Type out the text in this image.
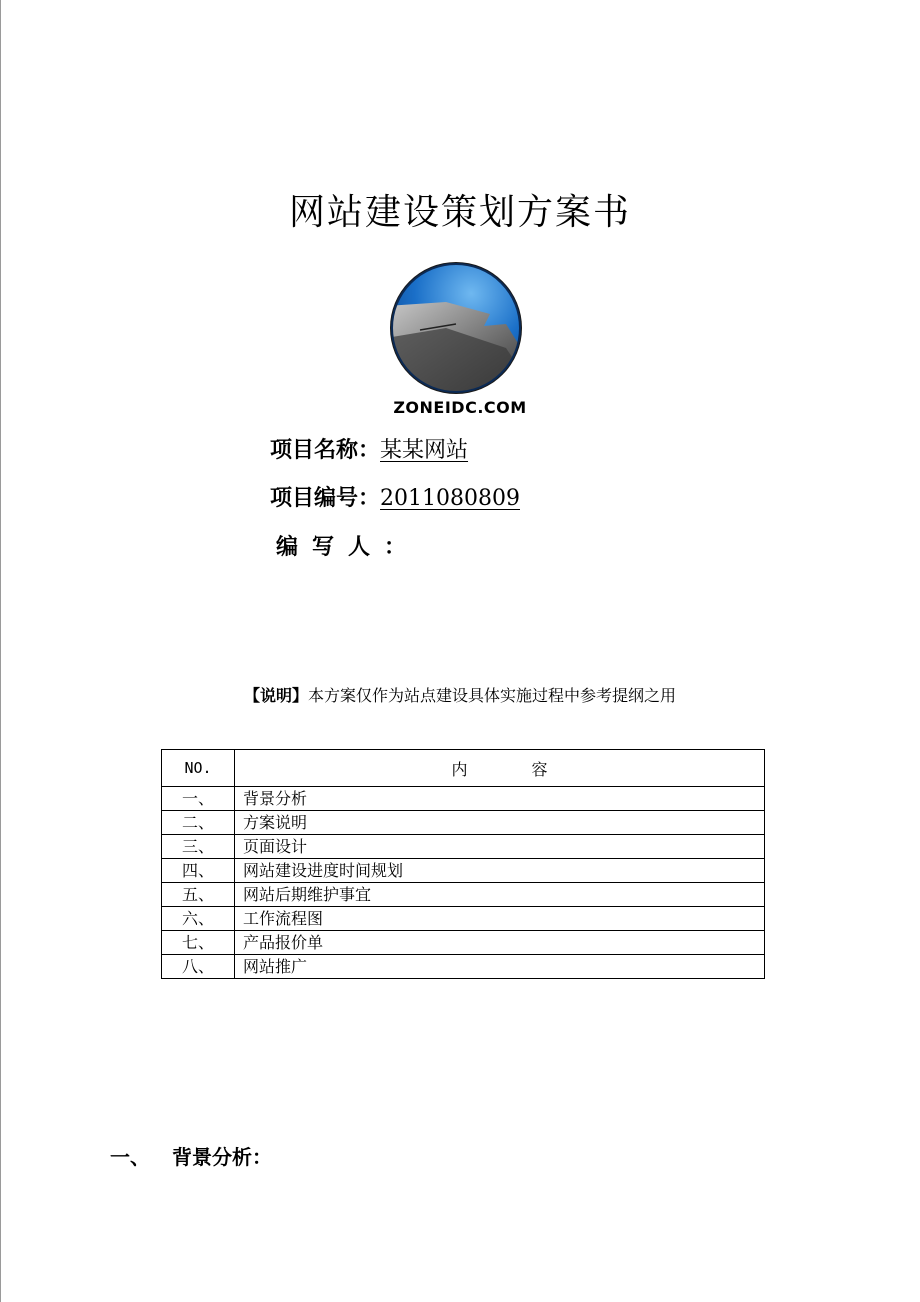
网站建设策划方案书
ZONEIDC.COM
项目名称：某某网站
项目编号：2011080809
编写人：
【说明】本方案仅作为站点建设具体实施过程中参考提纲之用
NO.	内　　　　容
一、	背景分析
二、	方案说明
三、	页面设计
四、	网站建设进度时间规划
五、	网站后期维护事宜
六、	工作流程图
七、	产品报价单
八、	网站推广
一、 背景分析：
